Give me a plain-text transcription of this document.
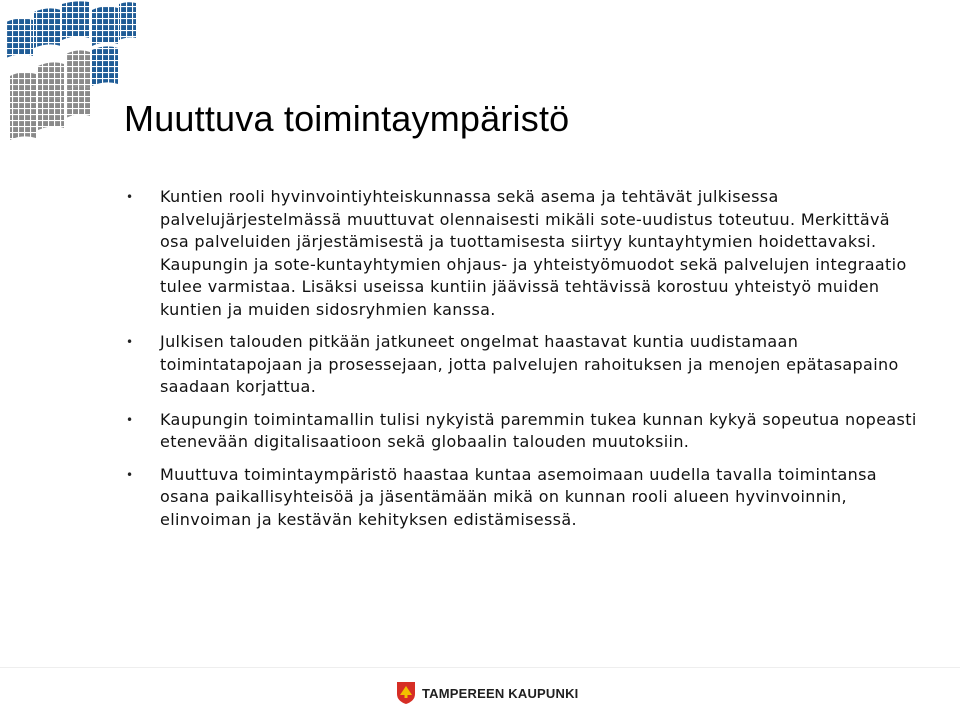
Muuttuva toimintaympäristö
•	Kuntien rooli hyvinvointiyhteiskunnassa sekä asema ja tehtävät julkisessa palvelujärjestelmässä muuttuvat olennaisesti mikäli sote-uudistus toteutuu. Merkittävä osa palveluiden järjestämisestä ja tuottamisesta siirtyy kuntayhtymien hoidettavaksi. Kaupungin ja sote-kuntayhtymien ohjaus- ja yhteistyömuodot sekä palvelujen integraatio tulee varmistaa. Lisäksi useissa kuntiin jäävissä tehtävissä korostuu yhteistyö muiden kuntien ja muiden sidosryhmien kanssa.
•	Julkisen talouden pitkään jatkuneet ongelmat haastavat kuntia uudistamaan toimintatapojaan ja prosessejaan, jotta palvelujen rahoituksen ja menojen epätasapaino saadaan korjattua.
•	Kaupungin toimintamallin tulisi nykyistä paremmin tukea kunnan kykyä sopeutua nopeasti etenevään digitalisaatioon sekä globaalin talouden muutoksiin.
•	Muuttuva toimintaympäristö haastaa kuntaa asemoimaan uudella tavalla toimintansa osana paikallisyhteisöä ja jäsentämään mikä on kunnan rooli alueen hyvinvoinnin, elinvoiman ja kestävän kehityksen edistämisessä.
TAMPEREEN KAUPUNKI
